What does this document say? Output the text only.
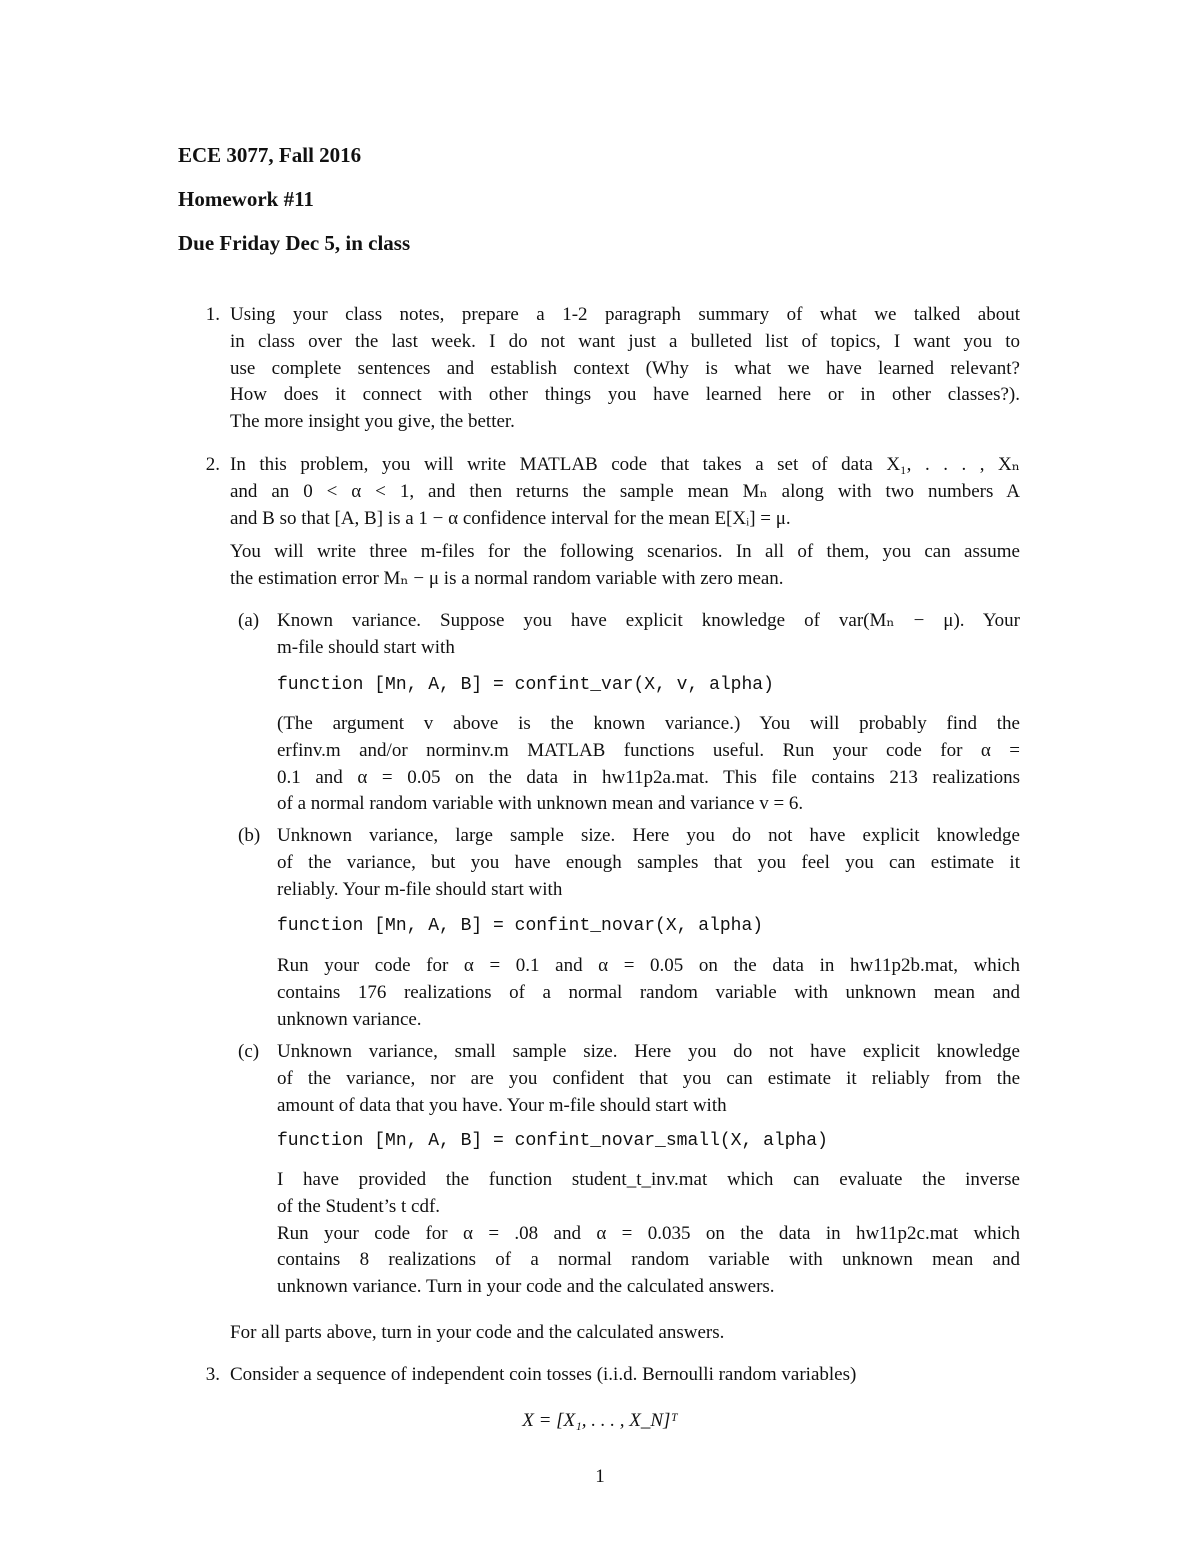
ECE 3077, Fall 2016
Homework #11
Due Friday Dec 5, in class
1. Using your class notes, prepare a 1-2 paragraph summary of what we talked about
in class over the last week. I do not want just a bulleted list of topics, I want you to
use complete sentences and establish context (Why is what we have learned relevant?
How does it connect with other things you have learned here or in other classes?).
The more insight you give, the better.
2. In this problem, you will write MATLAB code that takes a set of data X₁, . . . , Xₙ
and an 0 < α < 1, and then returns the sample mean Mₙ along with two numbers A
and B so that [A, B] is a 1 − α confidence interval for the mean E[Xᵢ] = μ.
You will write three m-files for the following scenarios. In all of them, you can assume
the estimation error Mₙ − μ is a normal random variable with zero mean.
(a) Known variance. Suppose you have explicit knowledge of var(Mₙ − μ). Your
m-file should start with
function [Mn, A, B] = confint_var(X, v, alpha)
(The argument v above is the known variance.) You will probably find the
erfinv.m and/or norminv.m MATLAB functions useful. Run your code for α =
0.1 and α = 0.05 on the data in hw11p2a.mat. This file contains 213 realizations
of a normal random variable with unknown mean and variance v = 6.
(b) Unknown variance, large sample size. Here you do not have explicit knowledge
of the variance, but you have enough samples that you feel you can estimate it
reliably. Your m-file should start with
function [Mn, A, B] = confint_novar(X, alpha)
Run your code for α = 0.1 and α = 0.05 on the data in hw11p2b.mat, which
contains 176 realizations of a normal random variable with unknown mean and
unknown variance.
(c) Unknown variance, small sample size. Here you do not have explicit knowledge
of the variance, nor are you confident that you can estimate it reliably from the
amount of data that you have. Your m-file should start with
function [Mn, A, B] = confint_novar_small(X, alpha)
I have provided the function student_t_inv.mat which can evaluate the inverse
of the Student’s t cdf.
Run your code for α = .08 and α = 0.035 on the data in hw11p2c.mat which
contains 8 realizations of a normal random variable with unknown mean and
unknown variance. Turn in your code and the calculated answers.
For all parts above, turn in your code and the calculated answers.
3. Consider a sequence of independent coin tosses (i.i.d. Bernoulli random variables)
X = [X₁, . . . , X_N]ᵀ
1
